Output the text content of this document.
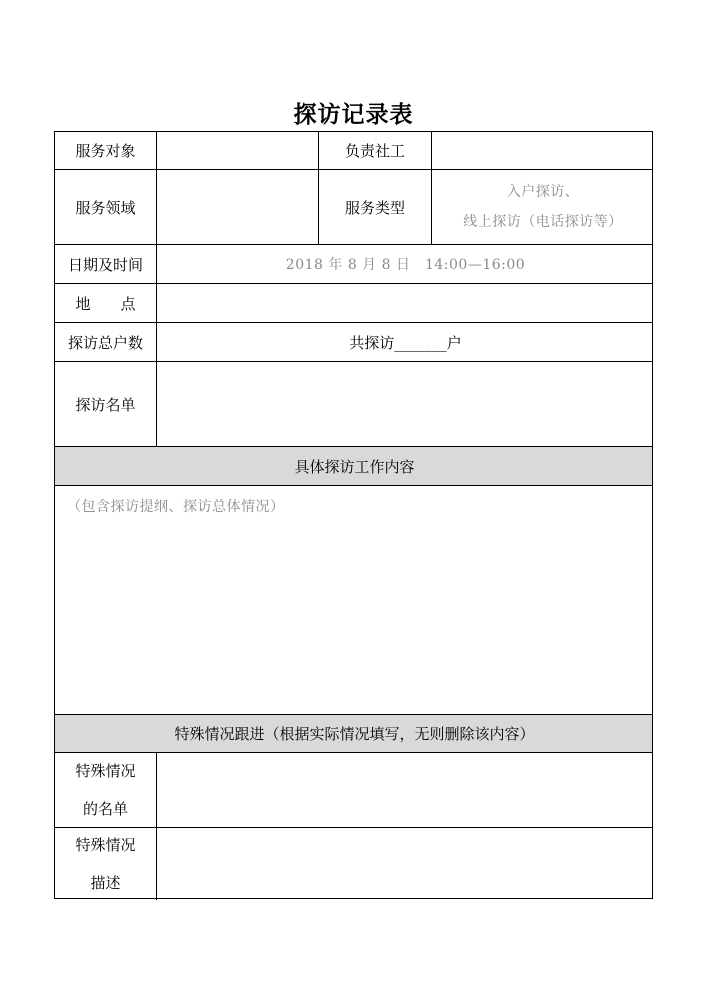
探访记录表
服务对象	负责社工
服务领域	服务类型
入户探访、
线上探访（电话探访等）
日期及时间	2018 年 8 月 8 日　14:00—16:00
地　　点
探访总户数	共探访_______户
探访名单
具体探访工作内容
（包含探访提纲、探访总体情况）
特殊情况跟进（根据实际情况填写，无则删除该内容）
特殊情况
的名单
特殊情况
描述
